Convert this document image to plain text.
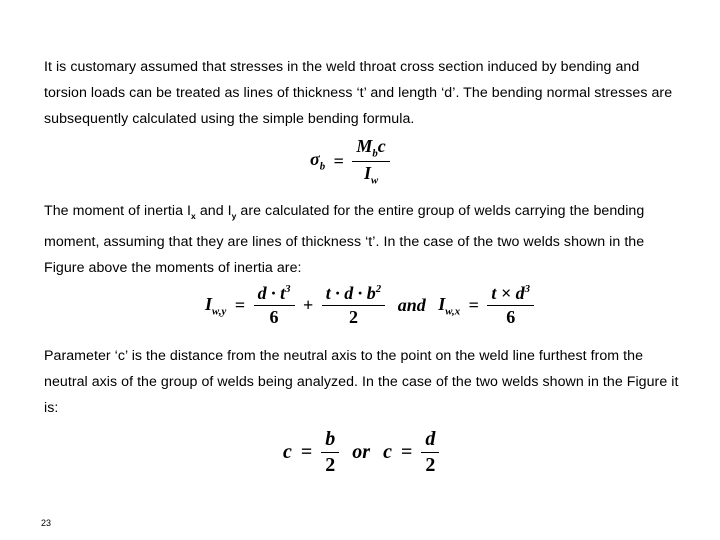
It is customary assumed that stresses in the weld throat cross section induced by bending and torsion loads can be treated as lines of thickness ‘t’ and length ‘d’. The bending normal stresses are subsequently calculated using the simple bending formula.
$\sigma_b = \frac{M_bc}{I_w}$
The moment of inertia $I_x$ and $I_y$ are calculated for the entire group of welds carrying the bending moment, assuming that they are lines of thickness ‘t’. In the case of the two welds shown in the Figure above the moments of inertia are:
$I_{w,y} = \frac{d \cdot t^3}{6} + \frac{t \cdot d \cdot b^2}{2}$ and $I_{w,x} = \frac{t \times d^3}{6}$
Parameter ‘c’ is the distance from the neutral axis to the point on the weld line furthest from the neutral axis of the group of welds being analyzed. In the case of the two welds shown in the Figure it is:
$c = \frac{b}{2}$ or $c = \frac{d}{2}$
23
